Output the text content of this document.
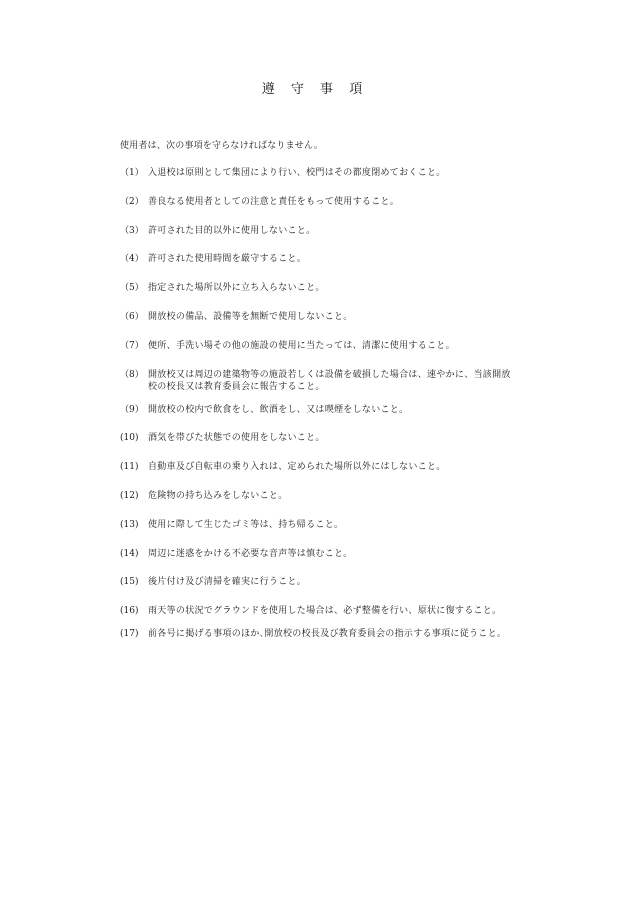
遵 守 事 項
使用者は、次の事項を守らなければなりません。
（1） 入退校は原則として集団により行い、校門はその都度閉めておくこと。
（2） 善良なる使用者としての注意と責任をもって使用すること。
（3） 許可された目的以外に使用しないこと。
（4） 許可された使用時間を厳守すること。
（5） 指定された場所以外に立ち入らないこと。
（6） 開放校の備品、設備等を無断で使用しないこと。
（7） 便所、手洗い場その他の施設の使用に当たっては、清潔に使用すること。
（8） 開放校又は周辺の建築物等の施設若しくは設備を破損した場合は、速やかに、当該開放校の校長又は教育委員会に報告すること。
（9） 開放校の校内で飲食をし、飲酒をし、又は喫煙をしないこと。
(10)	酒気を帯びた状態での使用をしないこと。
(11)	自動車及び自転車の乗り入れは、定められた場所以外にはしないこと。
(12)	危険物の持ち込みをしないこと。
(13)	使用に際して生じたゴミ等は、持ち帰ること。
(14)	周辺に迷惑をかける不必要な音声等は慎むこと。
(15)	後片付け及び清掃を確実に行うこと。
(16)	雨天等の状況でグラウンドを使用した場合は、必ず整備を行い、原状に復すること。
(17)	前各号に掲げる事項のほか､開放校の校長及び教育委員会の指示する事項に従うこと。
